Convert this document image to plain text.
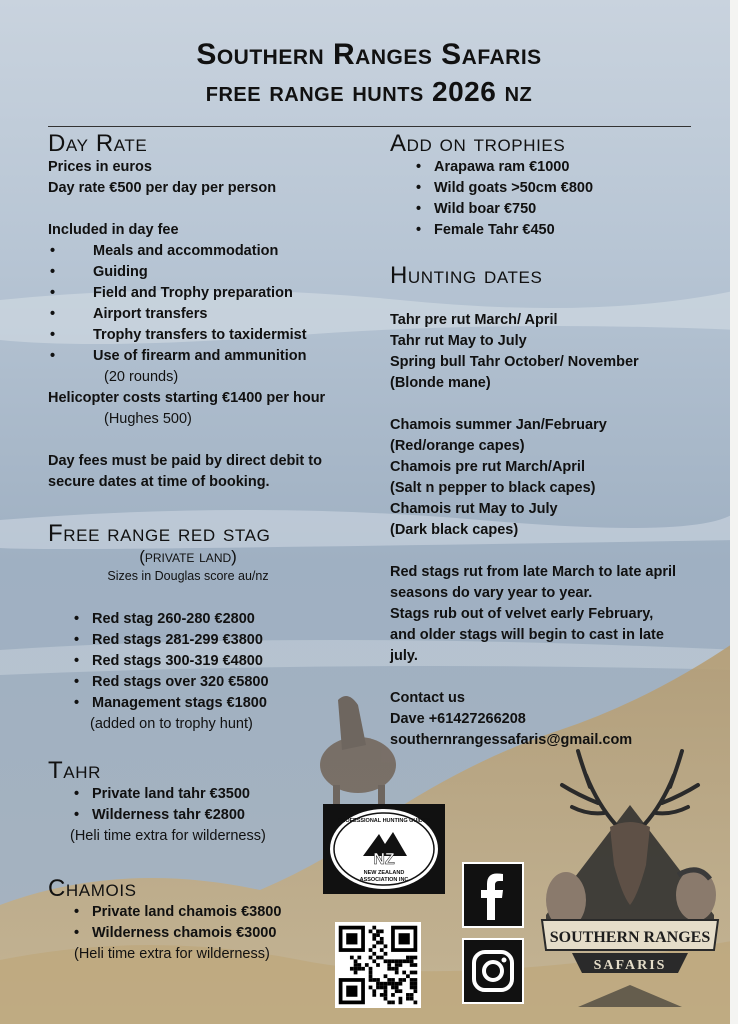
Southern Ranges Safaris
free range hunts 2026 nz
Day Rate
Prices in euros
Day rate €500 per day per person
Included in day fee
• Meals and accommodation
• Guiding
• Field and Trophy preparation
• Airport transfers
• Trophy transfers to taxidermist
• Use of firearm and ammunition
(20 rounds)
Helicopter costs starting €1400 per hour
(Hughes 500)
Day fees must be paid by direct debit to
secure dates at time of booking.
Free range red stag
(private land)
Sizes in Douglas score au/nz
• Red stag 260-280 €2800
• Red stags 281-299 €3800
• Red stags 300-319 €4800
• Red stags over 320 €5800
• Management stags €1800
(added on to trophy hunt)
Tahr
• Private land tahr €3500
• Wilderness tahr €2800
(Heli time extra for wilderness)
Chamois
• Private land chamois €3800
• Wilderness chamois €3000
(Heli time extra for wilderness)
Add on trophies
• Arapawa ram €1000
• Wild goats >50cm €800
• Wild boar €750
• Female Tahr €450
Hunting dates
Tahr pre rut March/ April
Tahr rut May to July
Spring bull Tahr October/ November
(Blonde mane)
Chamois summer Jan/February
(Red/orange capes)
Chamois pre rut March/April
(Salt n pepper to black capes)
Chamois rut May to July
(Dark black capes)
Red stags rut from late March to late april
seasons do vary year to year.
Stags rub out of velvet early February,
and older stags will begin to cast in late
july.
Contact us
Dave +61427266208
southernrangessafaris@gmail.com
NZ
PROFESSIONAL HUNTING GUIDES
NEW ZEALAND
ASSOCIATION INC
SOUTHERN RANGES
SAFARIS
